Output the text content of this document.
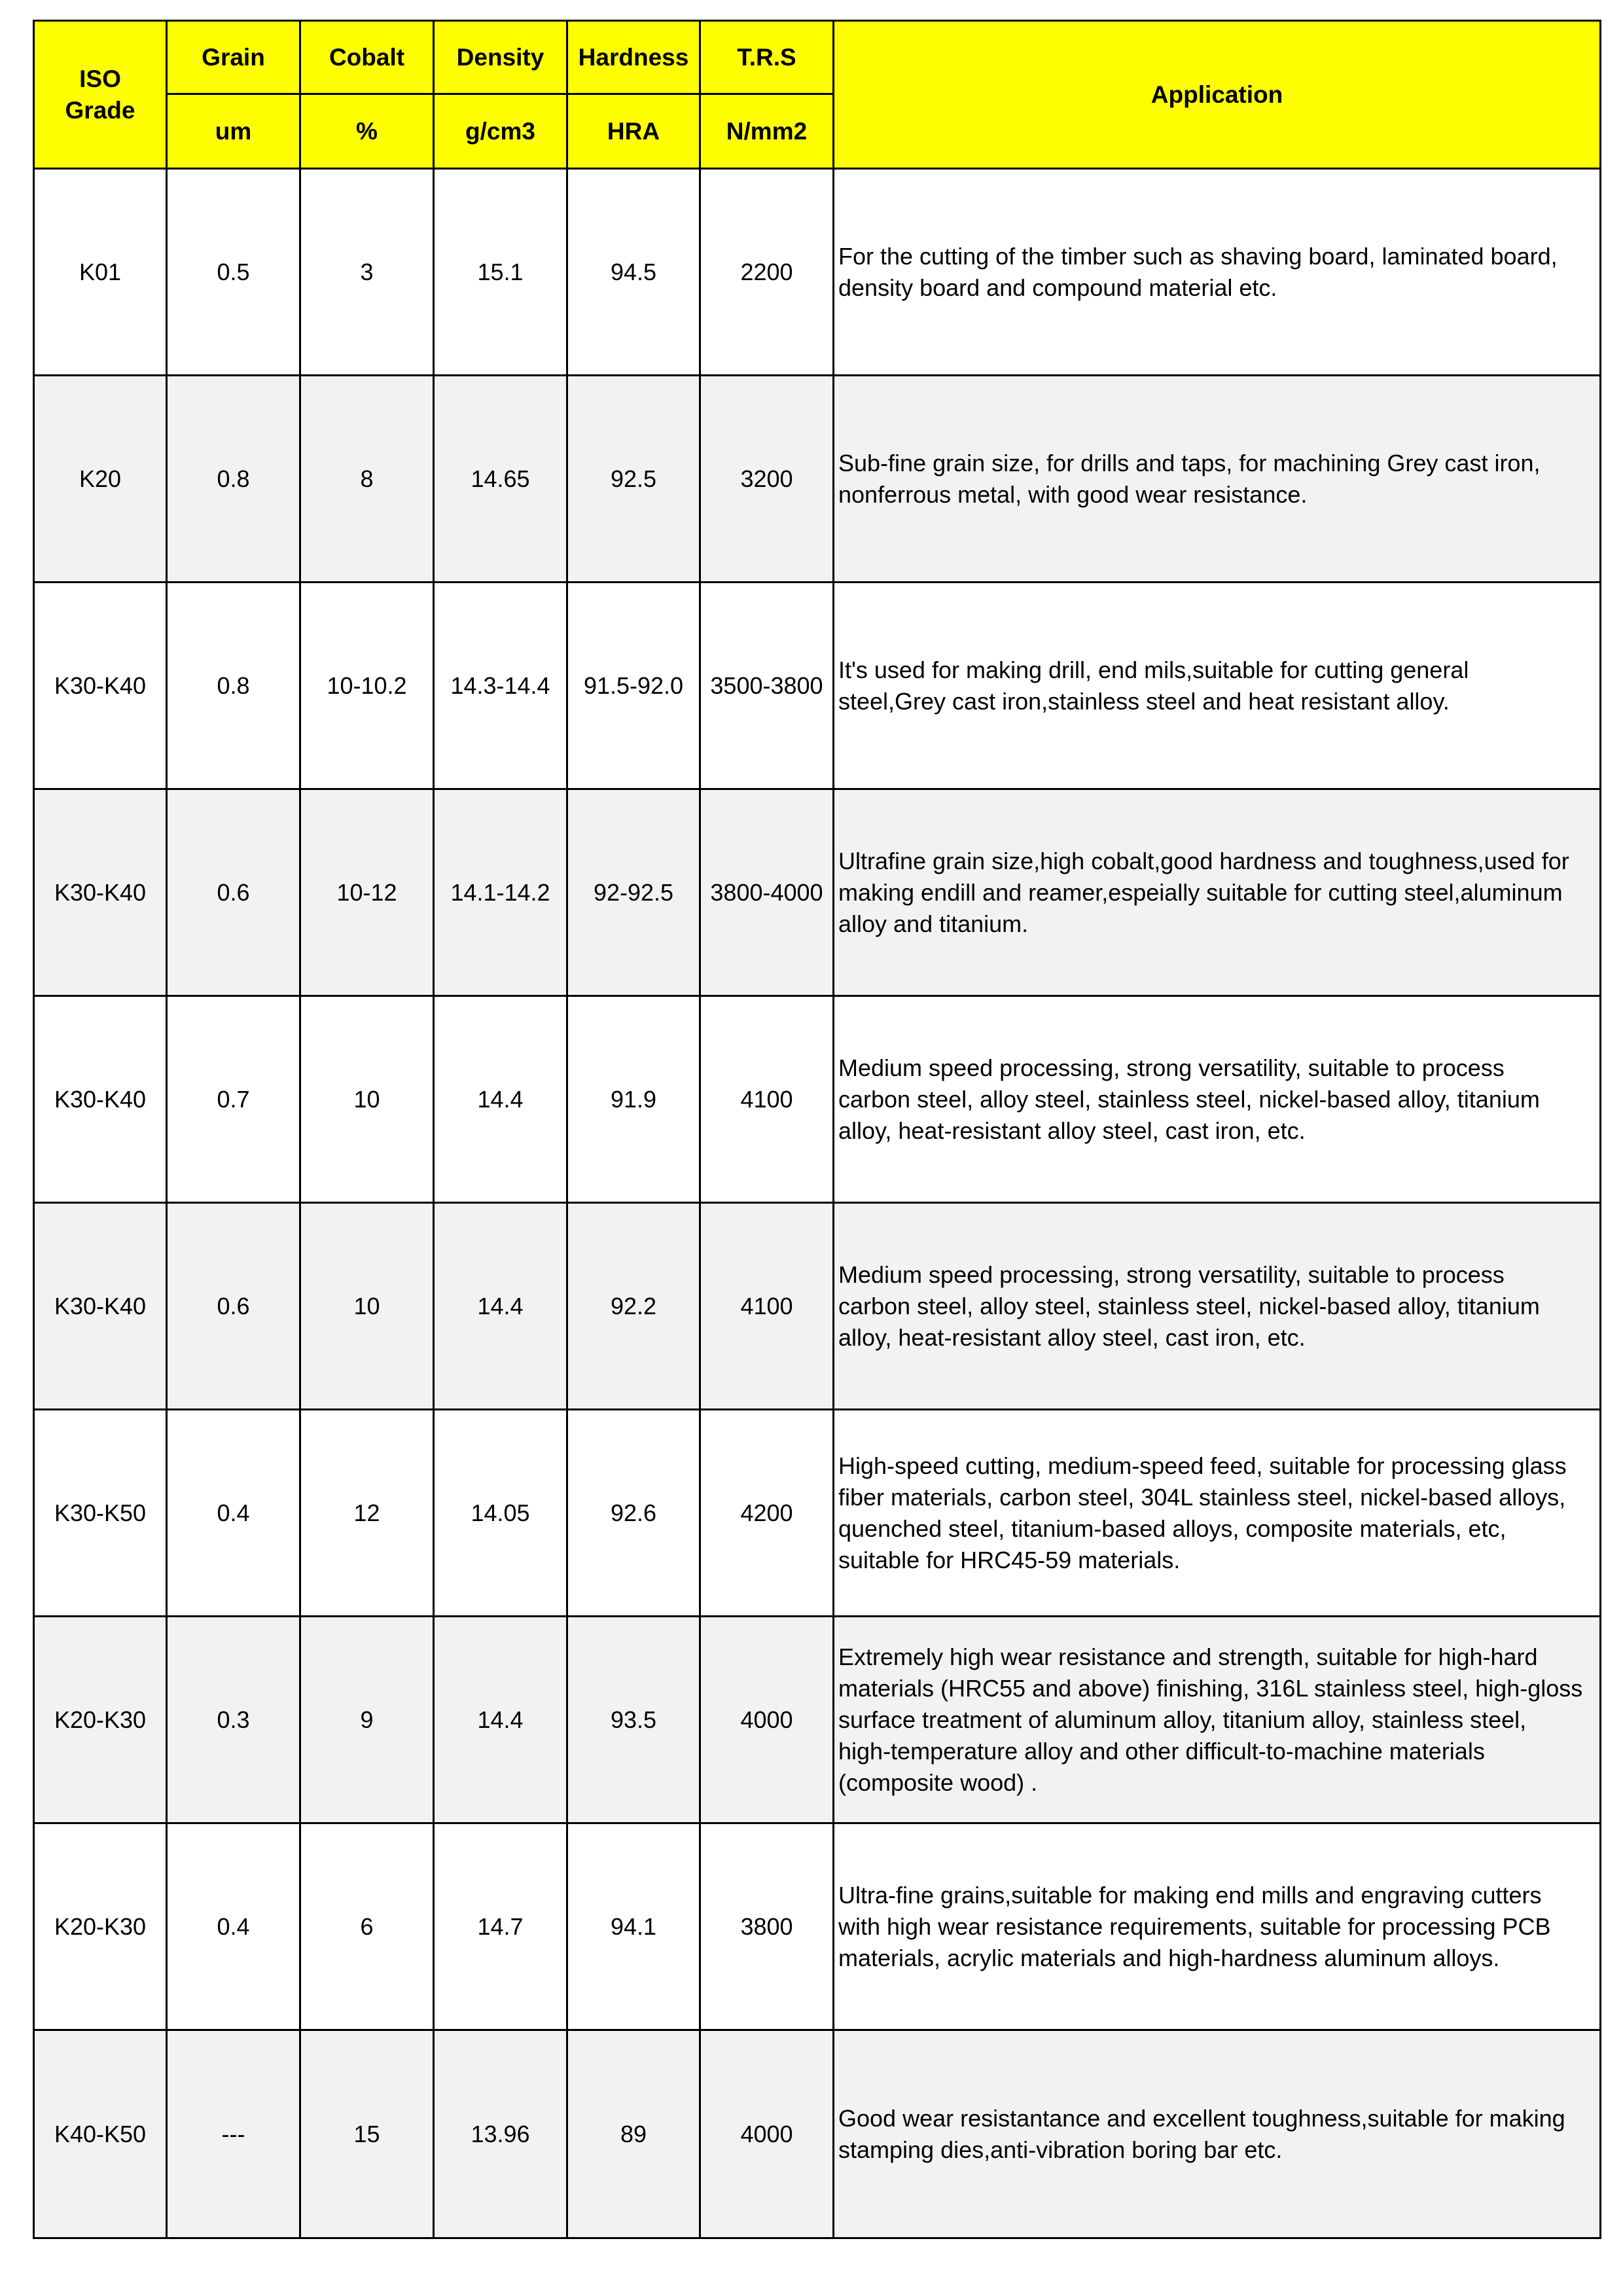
ISO
Grade	Grain	Cobalt	Density	Hardness	T.R.S	Application
	um	%	g/cm3	HRA	N/mm2	
K01	0.5	3	15.1	94.5	2200	For the cutting of the timber such as shaving board, laminated board,
density board and compound material etc.

K20	0.8	8	14.65	92.5	3200	Sub-fine grain size, for drills and taps, for machining Grey cast iron,
nonferrous metal, with good wear resistance.

K30-K40	0.8	10-10.2	14.3-14.4	91.5-92.0	3500-3800	It's used for making drill, end mils,suitable for cutting general
steel,Grey cast iron,stainless steel and heat resistant alloy.

K30-K40	0.6	10-12	14.1-14.2	92-92.5	3800-4000	Ultrafine grain size,high cobalt,good hardness and toughness,used for
making endill and reamer,espeially suitable for cutting steel,aluminum
alloy and titanium.

K30-K40	0.7	10	14.4	91.9	4100	Medium speed processing, strong versatility, suitable to process
carbon steel, alloy steel, stainless steel, nickel-based alloy, titanium
alloy, heat-resistant alloy steel, cast iron, etc.

K30-K40	0.6	10	14.4	92.2	4100	Medium speed processing, strong versatility, suitable to process
carbon steel, alloy steel, stainless steel, nickel-based alloy, titanium
alloy, heat-resistant alloy steel, cast iron, etc.

K30-K50	0.4	12	14.05	92.6	4200	High-speed cutting, medium-speed feed, suitable for processing glass
fiber materials, carbon steel, 304L stainless steel, nickel-based alloys,
quenched steel, titanium-based alloys, composite materials, etc,
suitable for HRC45-59 materials.

K20-K30	0.3	9	14.4	93.5	4000	Extremely high wear resistance and strength, suitable for high-hard
materials (HRC55 and above) finishing, 316L stainless steel, high-gloss
surface treatment of aluminum alloy, titanium alloy, stainless steel,
high-temperature alloy and other difficult-to-machine materials
(composite wood) .

K20-K30	0.4	6	14.7	94.1	3800	Ultra-fine grains,suitable for making end mills and engraving cutters
with high wear resistance requirements, suitable for processing PCB
materials, acrylic materials and high-hardness aluminum alloys.

K40-K50	---	15	13.96	89	4000	Good wear resistantance and excellent toughness,suitable for making
stamping dies,anti-vibration boring bar etc.
